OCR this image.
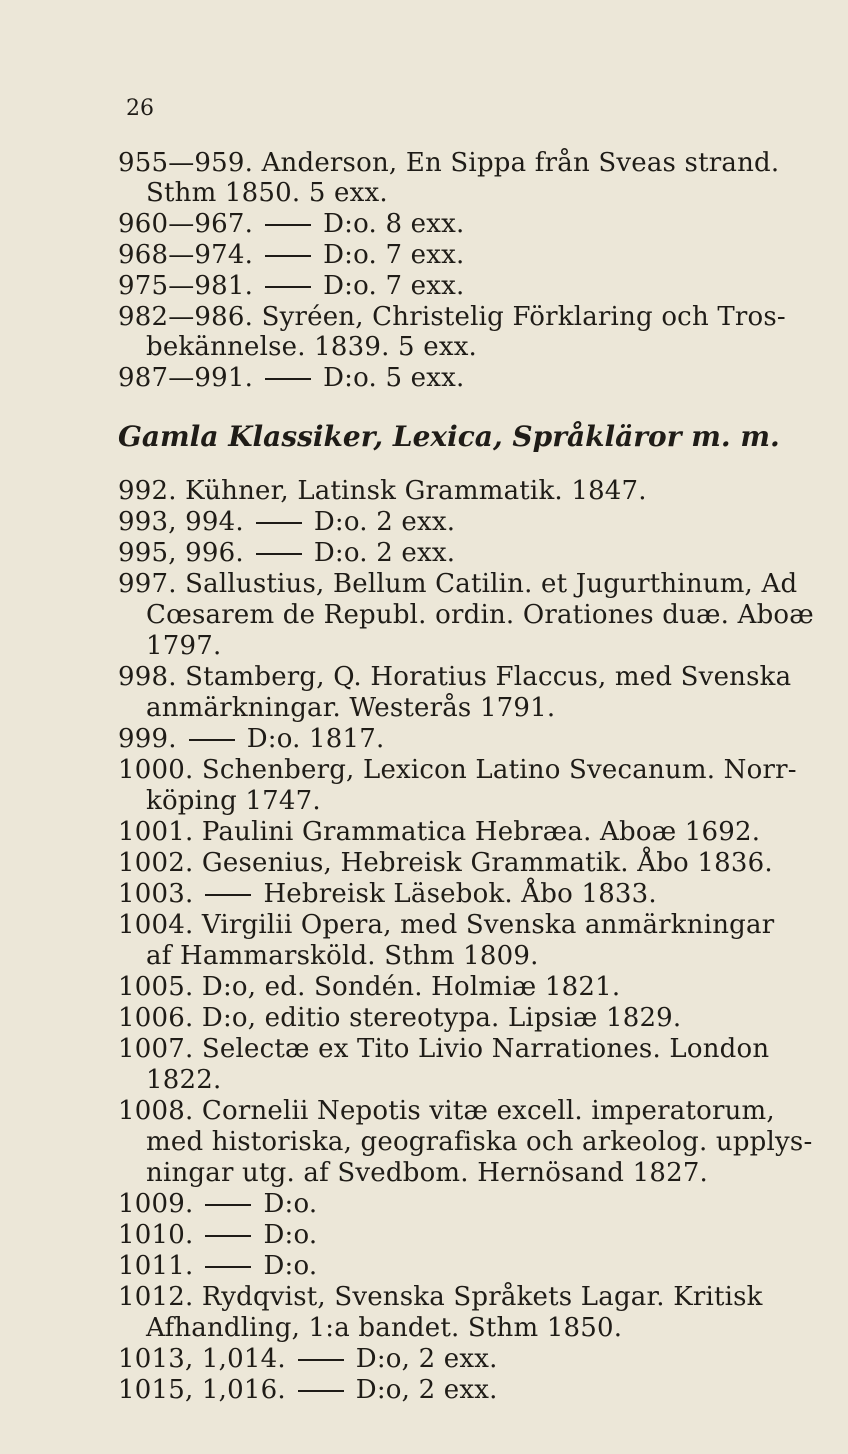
26
955—959. Anderson, En Sippa från Sveas strand.
Sthm 1850. 5 exx.
960—967.	D:o. 8 exx.
968—974.	D:o. 7 exx.
975—981.	D:o. 7 exx.
982—986. Syréen, Christelig Förklaring och Tros-
bekännelse. 1839. 5 exx.
987—991.	D:o. 5 exx.
Gamla Klassiker, Lexica, Språkläror m. m.
992. Kühner, Latinsk Grammatik. 1847.
993, 994.	D:o. 2 exx.
995, 996.	D:o. 2 exx.
997. Sallustius, Bellum Catilin. et Jugurthinum, Ad
Cœsarem de Republ. ordin. Orationes duæ. Aboæ
1797.
998. Stamberg, Q. Horatius Flaccus, med Svenska
anmärkningar. Westerås 1791.
999.	D:o. 1817.
1000. Schenberg, Lexicon Latino Svecanum. Norr-
köping 1747.
1001. Paulini Grammatica Hebræa. Aboæ 1692.
1002. Gesenius, Hebreisk Grammatik. Åbo 1836.
1003.	Hebreisk Läsebok. Åbo 1833.
1004. Virgilii Opera, med Svenska anmärkningar
af Hammarsköld. Sthm 1809.
1005. D:o, ed. Sondén. Holmiæ 1821.
1006. D:o, editio stereotypa. Lipsiæ 1829.
1007. Selectæ ex Tito Livio Narrationes. London
1822.
1008. Cornelii Nepotis vitæ excell. imperatorum,
med historiska, geografiska och arkeolog. upplys-
ningar utg. af Svedbom. Hernösand 1827.
1009.	D:o.
1010.	D:o.
1011.	D:o.
1012. Rydqvist, Svenska Språkets Lagar. Kritisk
Afhandling, 1:a bandet. Sthm 1850.
1013, 1,014.	D:o, 2 exx.
1015, 1,016.	D:o, 2 exx.
